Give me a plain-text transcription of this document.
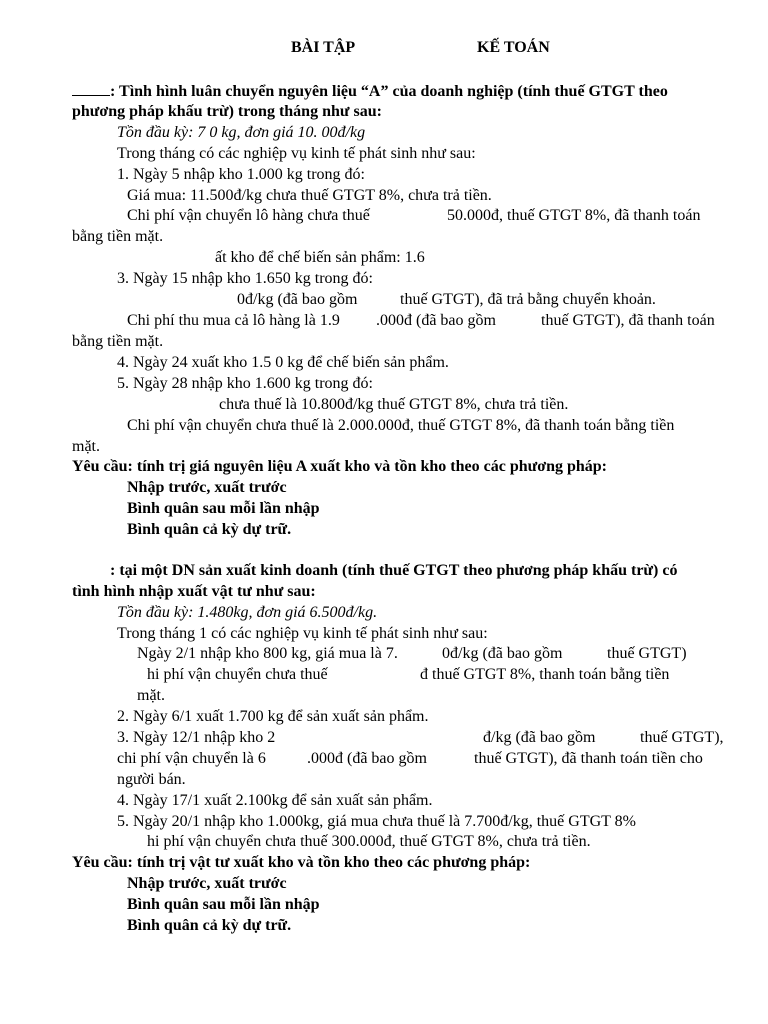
BÀI TẬP	KẾ TOÁN
: Tình hình luân chuyển nguyên liệu “A” của doanh nghiệp (tính thuế GTGT theo
phương pháp khấu trừ) trong tháng như sau:
Tồn đầu kỳ: 7 0 kg, đơn giá 10. 00đ/kg
Trong tháng có các nghiệp vụ kinh tế phát sinh như sau:
1. Ngày 5 nhập kho 1.000 kg trong đó:
Giá mua: 11.500đ/kg chưa thuế GTGT 8%, chưa trả tiền.
Chi phí vận chuyển lô hàng chưa thuế	50.000đ, thuế GTGT 8%, đã thanh toán
bằng tiền mặt.
ất kho để chế biến sản phẩm: 1.6
3. Ngày 15 nhập kho 1.650 kg trong đó:
0đ/kg (đã bao gồm	thuế GTGT), đã trả bằng chuyển khoản.
Chi phí thu mua cả lô hàng là 1.9 .000đ (đã bao gồm	thuế GTGT), đã thanh toán
bằng tiền mặt.
4. Ngày 24 xuất kho 1.5 0 kg để chế biến sản phẩm.
5. Ngày 28 nhập kho 1.600 kg trong đó:
chưa thuế là 10.800đ/kg thuế GTGT 8%, chưa trả tiền.
Chi phí vận chuyển chưa thuế là 2.000.000đ, thuế GTGT 8%, đã thanh toán bằng tiền
mặt.
Yêu cầu: tính trị giá nguyên liệu A xuất kho và tồn kho theo các phương pháp:
Nhập trước, xuất trước
Bình quân sau mỗi lần nhập
Bình quân cả kỳ dự trữ.
: tại một DN sản xuất kinh doanh (tính thuế GTGT theo phương pháp khấu trừ) có
tình hình nhập xuất vật tư như sau:
Tồn đầu kỳ: 1.480kg, đơn giá 6.500đ/kg.
Trong tháng 1 có các nghiệp vụ kinh tế phát sinh như sau:
Ngày 2/1 nhập kho 800 kg, giá mua là 7.	0đ/kg (đã bao gồm	thuế GTGT)
hi phí vận chuyển chưa thuế	đ thuế GTGT 8%, thanh toán bằng tiền
mặt.
2. Ngày 6/1 xuất 1.700 kg để sản xuất sản phẩm.
3. Ngày 12/1 nhập kho 2	đ/kg (đã bao gồm	thuế GTGT),
chi phí vận chuyển là 6	.000đ (đã bao gồm	thuế GTGT), đã thanh toán tiền cho
người bán.
4. Ngày 17/1 xuất 2.100kg để sản xuất sản phẩm.
5. Ngày 20/1 nhập kho 1.000kg, giá mua chưa thuế là 7.700đ/kg, thuế GTGT 8%
hi phí vận chuyển chưa thuế 300.000đ, thuế GTGT 8%, chưa trả tiền.
Yêu cầu: tính trị vật tư xuất kho và tồn kho theo các phương pháp:
Nhập trước, xuất trước
Bình quân sau mỗi lần nhập
Bình quân cả kỳ dự trữ.
